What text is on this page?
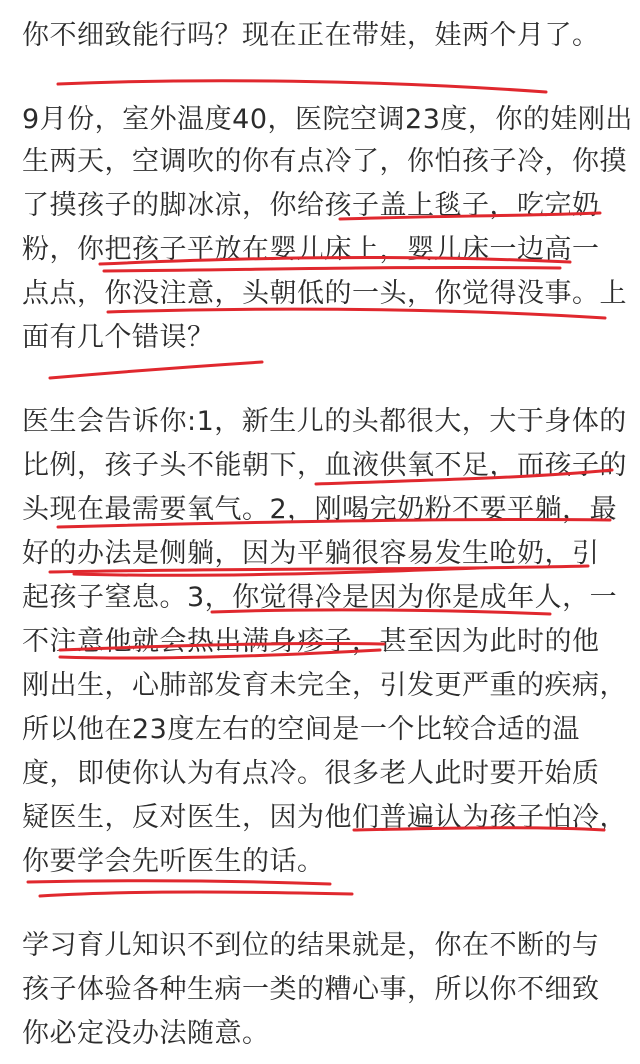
你不细致能行吗？现在正在带娃，娃两个月了。

9月份，室外温度40，医院空调23度，你的娃刚出

生两天，空调吹的你有点冷了，你怕孩子冷，你摸

了摸孩子的脚冰凉，你给孩子盖上毯子，吃完奶

粉，你把孩子平放在婴儿床上，婴儿床一边高一

点点，你没注意，头朝低的一头，你觉得没事。上

面有几个错误？

医生会告诉你:1，新生儿的头都很大，大于身体的

比例，孩子头不能朝下，血液供氧不足，而孩子的

头现在最需要氧气。2，刚喝完奶粉不要平躺，最

好的办法是侧躺，因为平躺很容易发生呛奶，引

起孩子窒息。3，你觉得冷是因为你是成年人，一

不注意他就会热出满身疹子，甚至因为此时的他

刚出生，心肺部发育未完全，引发更严重的疾病，

所以他在23度左右的空间是一个比较合适的温

度，即使你认为有点冷。很多老人此时要开始质

疑医生，反对医生，因为他们普遍认为孩子怕冷，

你要学会先听医生的话。

学习育儿知识不到位的结果就是，你在不断的与

孩子体验各种生病一类的糟心事，所以你不细致

你必定没办法随意。
